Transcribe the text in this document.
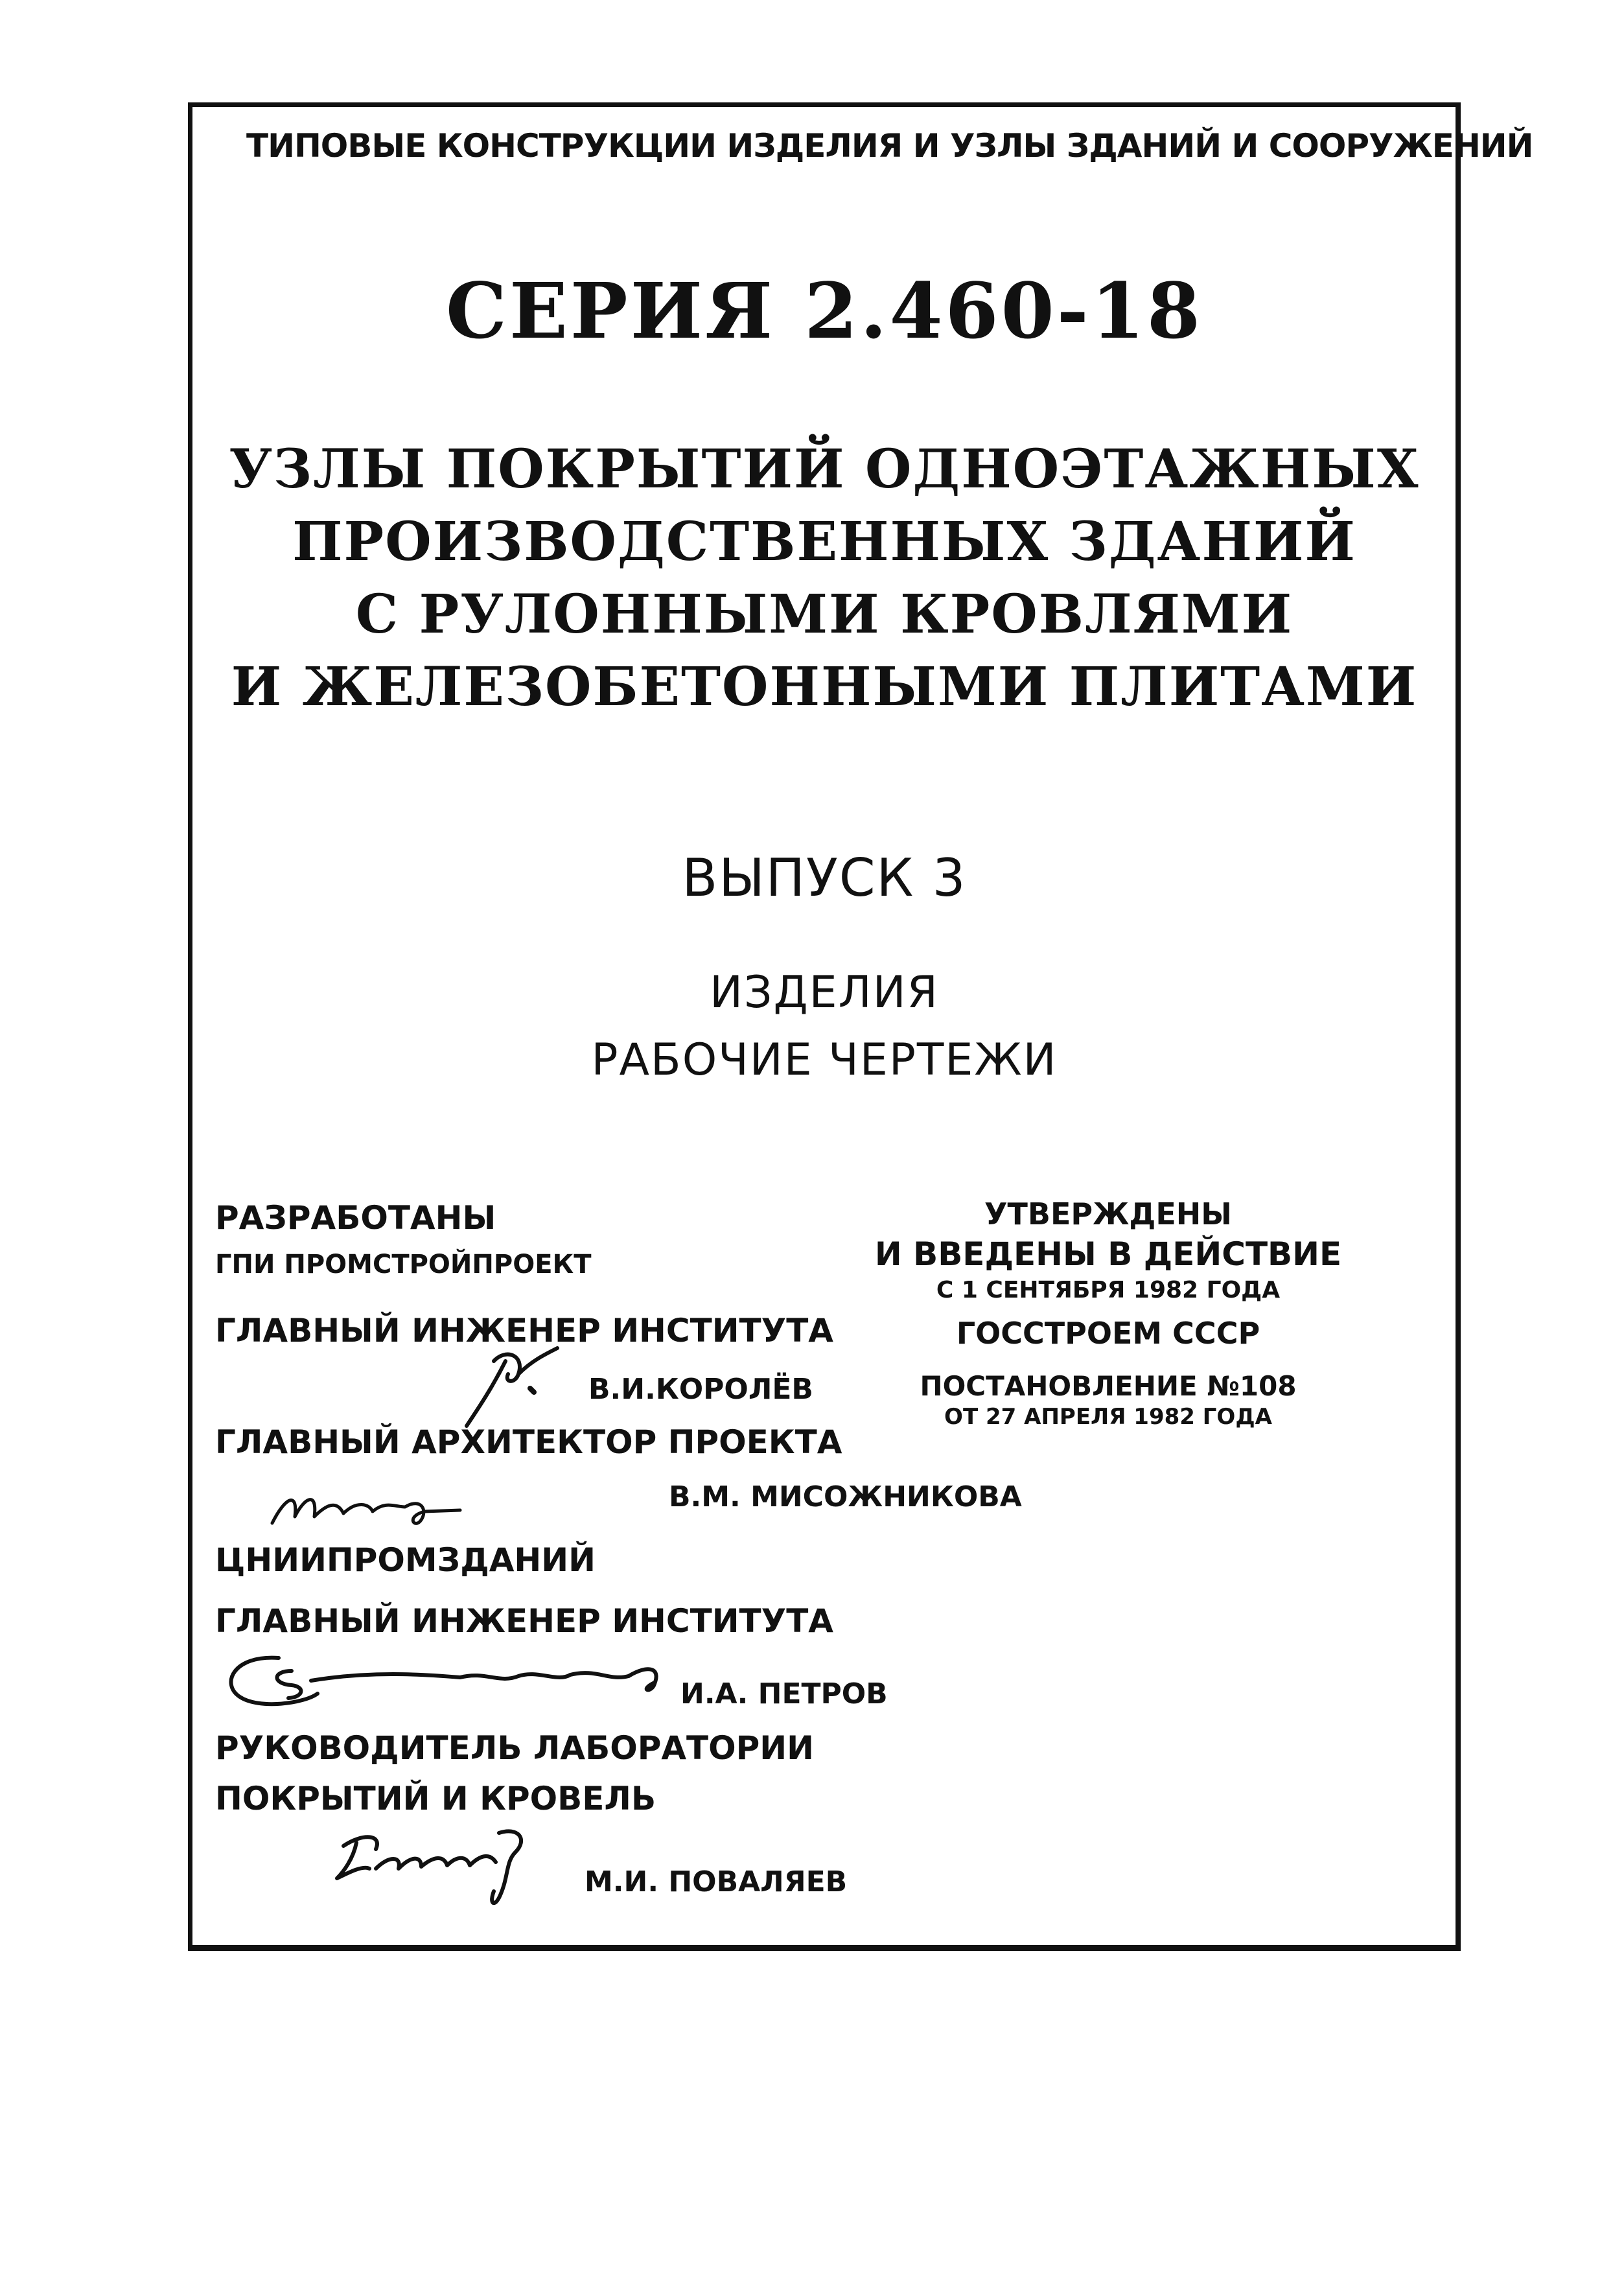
ТИПОВЫЕ КОНСТРУКЦИИ ИЗДЕЛИЯ И УЗЛЫ ЗДАНИЙ И СООРУЖЕНИЙ
СЕРИЯ 2.460-18
УЗЛЫ ПОКРЫТИЙ ОДНОЭТАЖНЫХ
ПРОИЗВОДСТВЕННЫХ ЗДАНИЙ
С РУЛОННЫМИ КРОВЛЯМИ
И ЖЕЛЕЗОБЕТОННЫМИ ПЛИТАМИ
ВЫПУСК 3
ИЗДЕЛИЯ
РАБОЧИЕ ЧЕРТЕЖИ
РАЗРАБОТАНЫ
ГПИ ПРОМСТРОЙПРОЕКТ
ГЛАВНЫЙ ИНЖЕНЕР ИНСТИТУТА
В.И.КОРОЛЁВ
ГЛАВНЫЙ АРХИТЕКТОР ПРОЕКТА
В.М. МИСОЖНИКОВА
ЦНИИПРОМЗДАНИЙ
ГЛАВНЫЙ ИНЖЕНЕР ИНСТИТУТА
И.А. ПЕТРОВ
РУКОВОДИТЕЛЬ ЛАБОРАТОРИИ
ПОКРЫТИЙ И КРОВЕЛЬ
М.И. ПОВАЛЯЕВ
УТВЕРЖДЕНЫ
И ВВЕДЕНЫ В ДЕЙСТВИЕ
С 1 СЕНТЯБРЯ 1982 ГОДА
ГОССТРОЕМ СССР
ПОСТАНОВЛЕНИЕ №108
ОТ 27 АПРЕЛЯ 1982 ГОДА
